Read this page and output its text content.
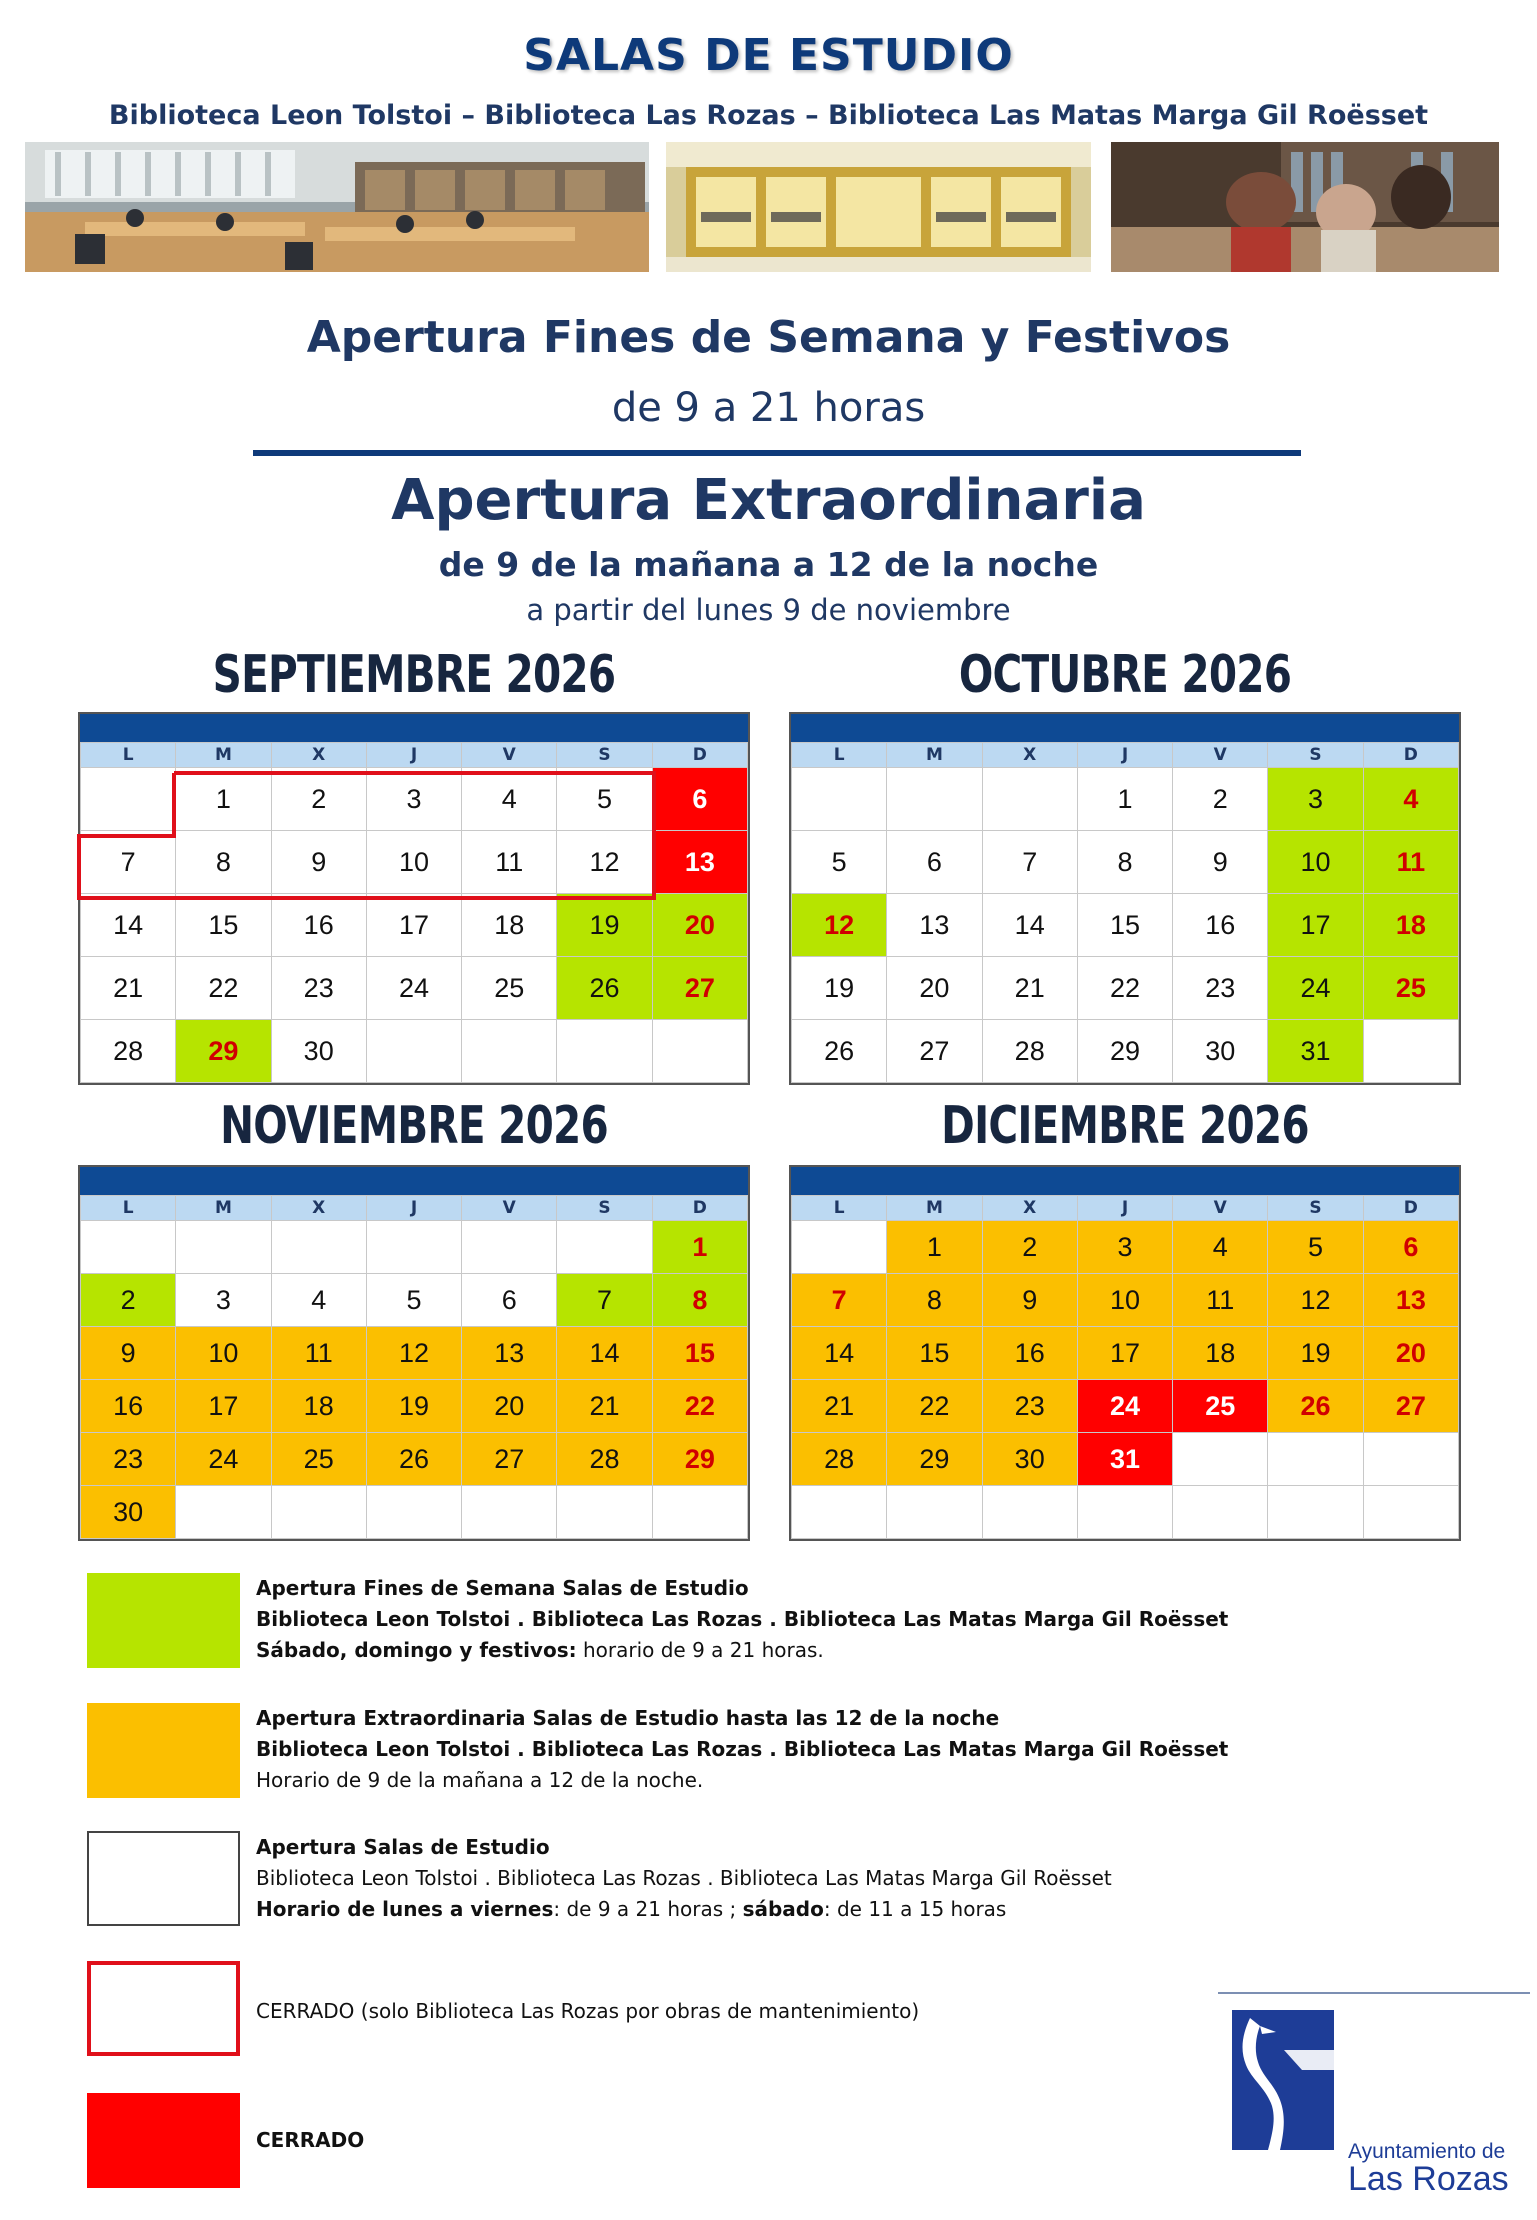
SALAS DE ESTUDIO
Biblioteca Leon Tolstoi – Biblioteca Las Rozas – Biblioteca Las Matas Marga Gil Roësset
Apertura Fines de Semana y Festivos
de 9 a 21 horas
Apertura Extraordinaria
de 9 de la mañana a 12 de la noche
a partir del lunes 9 de noviembre
SEPTIEMBRE 2026	OCTUBRE 2026
NOVIEMBRE 2026	DICIEMBRE 2026
L	M	X	J	V	S	D
	1	2	3	4	5	6
7	8	9	10	11	12	13
14	15	16	17	18	19	20
21	22	23	24	25	26	27
28	29	30				
L	M	X	J	V	S	D
			1	2	3	4
5	6	7	8	9	10	11
12	13	14	15	16	17	18
19	20	21	22	23	24	25
26	27	28	29	30	31	
L	M	X	J	V	S	D
						1
2	3	4	5	6	7	8
9	10	11	12	13	14	15
16	17	18	19	20	21	22
23	24	25	26	27	28	29
30						
L	M	X	J	V	S	D
	1	2	3	4	5	6
7	8	9	10	11	12	13
14	15	16	17	18	19	20
21	22	23	24	25	26	27
28	29	30	31			

Apertura Fines de Semana Salas de Estudio
Biblioteca Leon Tolstoi . Biblioteca Las Rozas . Biblioteca Las Matas Marga Gil Roësset
Sábado, domingo y festivos: horario de 9 a 21 horas.
Apertura Extraordinaria Salas de Estudio hasta las 12 de la noche
Biblioteca Leon Tolstoi . Biblioteca Las Rozas . Biblioteca Las Matas Marga Gil Roësset
Horario de 9 de la mañana a 12 de la noche.
Apertura Salas de Estudio
Biblioteca Leon Tolstoi . Biblioteca Las Rozas . Biblioteca Las Matas Marga Gil Roësset
Horario de lunes a viernes: de 9 a 21 horas ; sábado: de 11 a 15 horas
CERRADO (solo Biblioteca Las Rozas por obras de mantenimiento)
CERRADO	Ayuntamiento de
Las Rozas
